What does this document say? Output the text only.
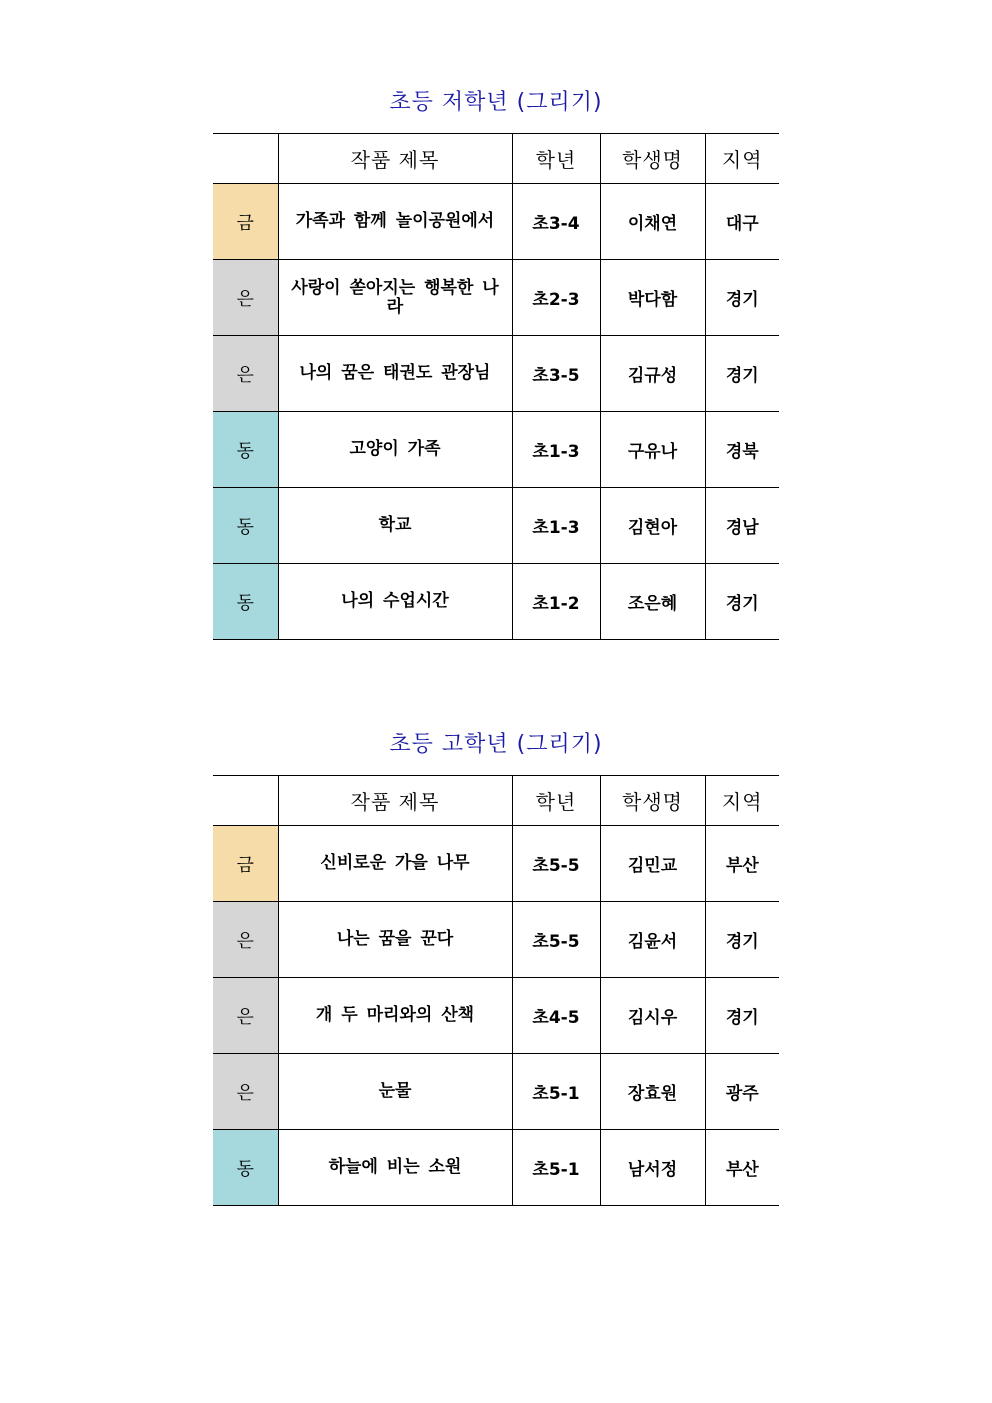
초등 저학년 (그리기)
	작품 제목	학년	학생명	지역
금	가족과 함께 놀이공원에서	초3-4	이채연	대구
은	사랑이 쏟아지는 행복한 나라	초2-3	박다함	경기
은	나의 꿈은 태권도 관장님	초3-5	김규성	경기
동	고양이 가족	초1-3	구유나	경북
동	학교	초1-3	김현아	경남
동	나의 수업시간	초1-2	조은혜	경기
초등 고학년 (그리기)
	작품 제목	학년	학생명	지역
금	신비로운 가을 나무	초5-5	김민교	부산
은	나는 꿈을 꾼다	초5-5	김윤서	경기
은	개 두 마리와의 산책	초4-5	김시우	경기
은	눈물	초5-1	장효원	광주
동	하늘에 비는 소원	초5-1	남서정	부산
